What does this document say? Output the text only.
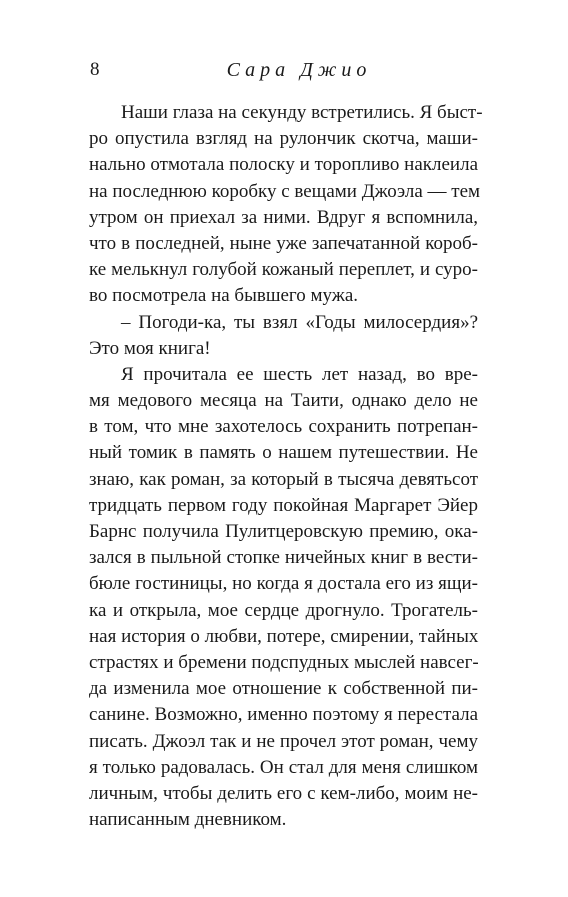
8	Сара Джио
Наши глаза на секунду встретились. Я быст-
ро опустила взгляд на рулончик скотча, маши-
нально отмотала полоску и торопливо наклеила
на последнюю коробку с вещами Джоэла — тем
утром он приехал за ними. Вдруг я вспомнила,
что в последней, ныне уже запечатанной короб-
ке мелькнул голубой кожаный переплет, и суро-
во посмотрела на бывшего мужа.
– Погоди-ка, ты взял «Годы милосердия»?
Это моя книга!
Я прочитала ее шесть лет назад, во вре-
мя медового месяца на Таити, однако дело не
в том, что мне захотелось сохранить потрепан-
ный томик в память о нашем путешествии. Не
знаю, как роман, за который в тысяча девятьсот
тридцать первом году покойная Маргарет Эйер
Барнс получила Пулитцеровскую премию, ока-
зался в пыльной стопке ничейных книг в вести-
бюле гостиницы, но когда я достала его из ящи-
ка и открыла, мое сердце дрогнуло. Трогатель-
ная история о любви, потере, смирении, тайных
страстях и бремени подспудных мыслей навсег-
да изменила мое отношение к собственной пи-
санине. Возможно, именно поэтому я перестала
писать. Джоэл так и не прочел этот роман, чему
я только радовалась. Он стал для меня слишком
личным, чтобы делить его с кем-либо, моим не-
написанным дневником.
